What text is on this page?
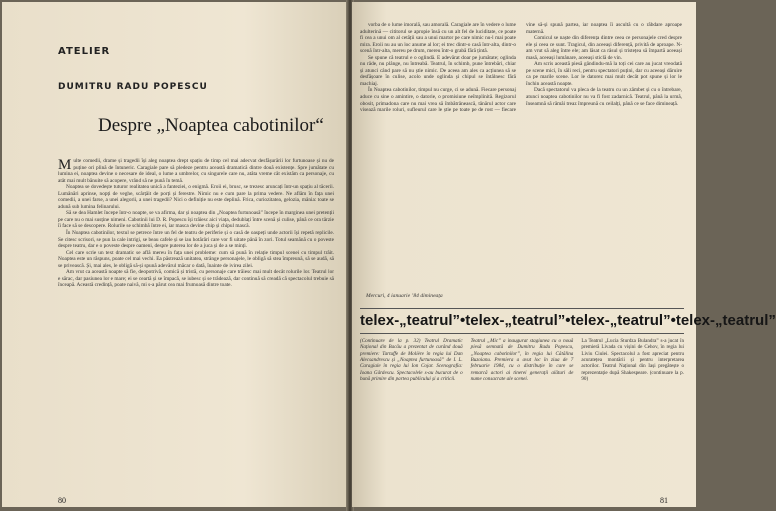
ATELIER
DUMITRU RADU POPESCU
Despre „Noaptea cabotinilor“

Multe comedii, drame și tragedii își aleg noaptea drept spațiu de timp cel mai adecvat desfășurării lor furtunoase și nu de puține ori plină de întuneric. Caragiale pare să pledeze pentru această dramatică dintre două existențe. Spre jumătate cu lumina ei, noaptea devine o necesare de ideal, o lume a umbrelor, cu singurele care nu, atâta vreme cât existăm ca personaje, cu atât mai mult bănuite să acopere, vrând să ne pună în temă.

Noaptea se dovedește tuturor realitatea unică a fanteziei, o enigmă. Eroii ei, brusc, se trezesc aruncați într-un spațiu al tăcerii. Lumânări aprinse, nopți de veghe, scârțâit de porți și ferestre. Nimic nu e cum pare la prima vedere. Ne aflăm în fața unei comedii, a unei farse, a unei alegorii, a unei tragedii? Nici o definiție nu este deplină. Frica, curiozitatea, gelozia, mânia: toate se adună sub lumina felinarului.

Să se dea Hamlet începe într-o noapte, se va afirma, dar și noaptea din „Noaptea furtunoasă” începe în marginea unei pretenții pe care nu o mai susține nimeni. Cabotinii lui D. R. Popescu își trăiesc aici viața, dedublați între scenă și culise, până ce ora târzie îi face să se descopere. Rolurile se schimbă între ei, iar masca devine chip și chipul mască.

În Noaptea cabotinilor, textul se petrece între un fel de teatru de periferie și o casă de oaspeți unde actorii își repetă replicile. Se citesc scrisori, se pun la cale intrigi, se beau cafele și se iau hotărâri care vor fi uitate până în zori. Totul seamănă cu o poveste despre teatru, dar e o poveste despre oameni, despre puterea lor de a juca și de a se minți.

Cel care scrie un text dramatic se află mereu în fața unei probleme: cum să pună în relație timpul scenei cu timpul trăit. Noaptea este un răspuns, poate cel mai vechi. Ea păstrează unitatea, strânge personajele, le obligă să stea împreună, să se audă, să se privească. Și, mai ales, le obligă să-și spună adevărul măcar o dată, înainte de ivirea zilei.

Am vrut ca această noapte să fie, deopotrivă, comică și tristă, cu personaje care trăiesc mai mult decât rolurile lor. Teatrul lor e sărac, dar pasiunea lor e mare; ei se ceartă și se împacă, se iubesc și se trădează, dar continuă să creadă că spectacolul trebuie să înceapă. Această credință, poate naivă, mi s-a părut cea mai frumoasă dintre toate.

80

vorba de o lume imorală, sau amorală. Caragiale are în vedere o lume adulterină — cititorul se apropie însă cu un alt fel de luciditate, ce poate fi cea a unui om al cetății sau a unui martor pe care nimic nu-l mai poate mira. Eroii nu au un loc anume al lor; ei trec dintr-o casă într-alta, dintr-o scenă într-alta, mereu pe drum, mereu într-o grabă fără țintă.

Se spune că teatrul e o oglindă. E adevărat doar pe jumătate; oglinda nu râde, nu plânge, nu întreabă. Teatrul, în schimb, pune întrebări, chiar și atunci când pare să nu știe nimic. De aceea am ales ca acțiunea să se desfășoare în culise, acolo unde oglinda și chipul se întâlnesc fără machiaj.

În Noaptea cabotinilor, timpul nu curge, ci se adună. Fiecare personaj aduce cu sine o amintire, o datorie, o promisiune neîmplinită. Regizorul obosit, primadona care nu mai vrea să îmbătrânească, tânărul actor care visează marile roluri, sufleurul care le știe pe toate pe de rost — fiecare vine să-și spună partea, iar noaptea îi ascultă cu o răbdare aproape maternă.

Comicul se naște din diferența dintre ceea ce personajele cred despre ele și ceea ce sunt. Tragicul, din aceeași diferență, privită de aproape. N-am vrut să aleg între ele; am lăsat ca râsul și tristețea să împartă aceeași masă, aceeași lumânare, aceeași sticlă de vin.

Am scris această piesă gândindu-mă la toți cei care au jucat vreodată pe scene mici, în săli reci, pentru spectatori puțini, dar cu aceeași dăruire ca pe marile scene. Lor le datorez mai mult decât pot spune și lor le închin această noapte.

Dacă spectatorul va pleca de la teatru cu un zâmbet și cu o întrebare, atunci noaptea cabotinilor nu va fi fost zadarnică. Teatrul, până la urmă, înseamnă să rămâi treaz împreună cu ceilalți, până ce se face dimineață.

Mercuri, 4 ianuarie ’84 dimineața
telex-„teatrul”•telex-„teatrul”•telex-„teatrul”•telex-„teatrul”

(Continuare de la p. 32) Teatrul Dramatic Național din Bacău a prezentat de curând două premiere: Tartuffe de Molière în regia lui Dan Alecsandrescu și „Noaptea furtunoasă” de I. L. Caragiale în regia lui Ion Cojar. Scenografia: Ioana Gârdescu. Spectacolele s-au bucurat de o bună primire din partea publicului și a criticii.

Teatrul „Mic” a inaugurat stagiunea cu o nouă piesă semnată de Dumitru Radu Popescu, „Noaptea cabotinilor”, în regia lui Cătălina Buzoianu. Premiera a avut loc în ziua de 7 februarie 1984, cu o distribuție în care se remarcă actori ai tinerei generații alături de nume consacrate ale scenei.

La Teatrul „Lucia Sturdza Bulandra” s-a jucat în premieră Livada cu vișini de Cehov, în regia lui Liviu Ciulei. Spectacolul a fost apreciat pentru acuratețea montării și pentru interpretarea actorilor. Teatrul Național din Iași pregătește o reprezentație după Shakespeare. (continuare la p. 90)

81
